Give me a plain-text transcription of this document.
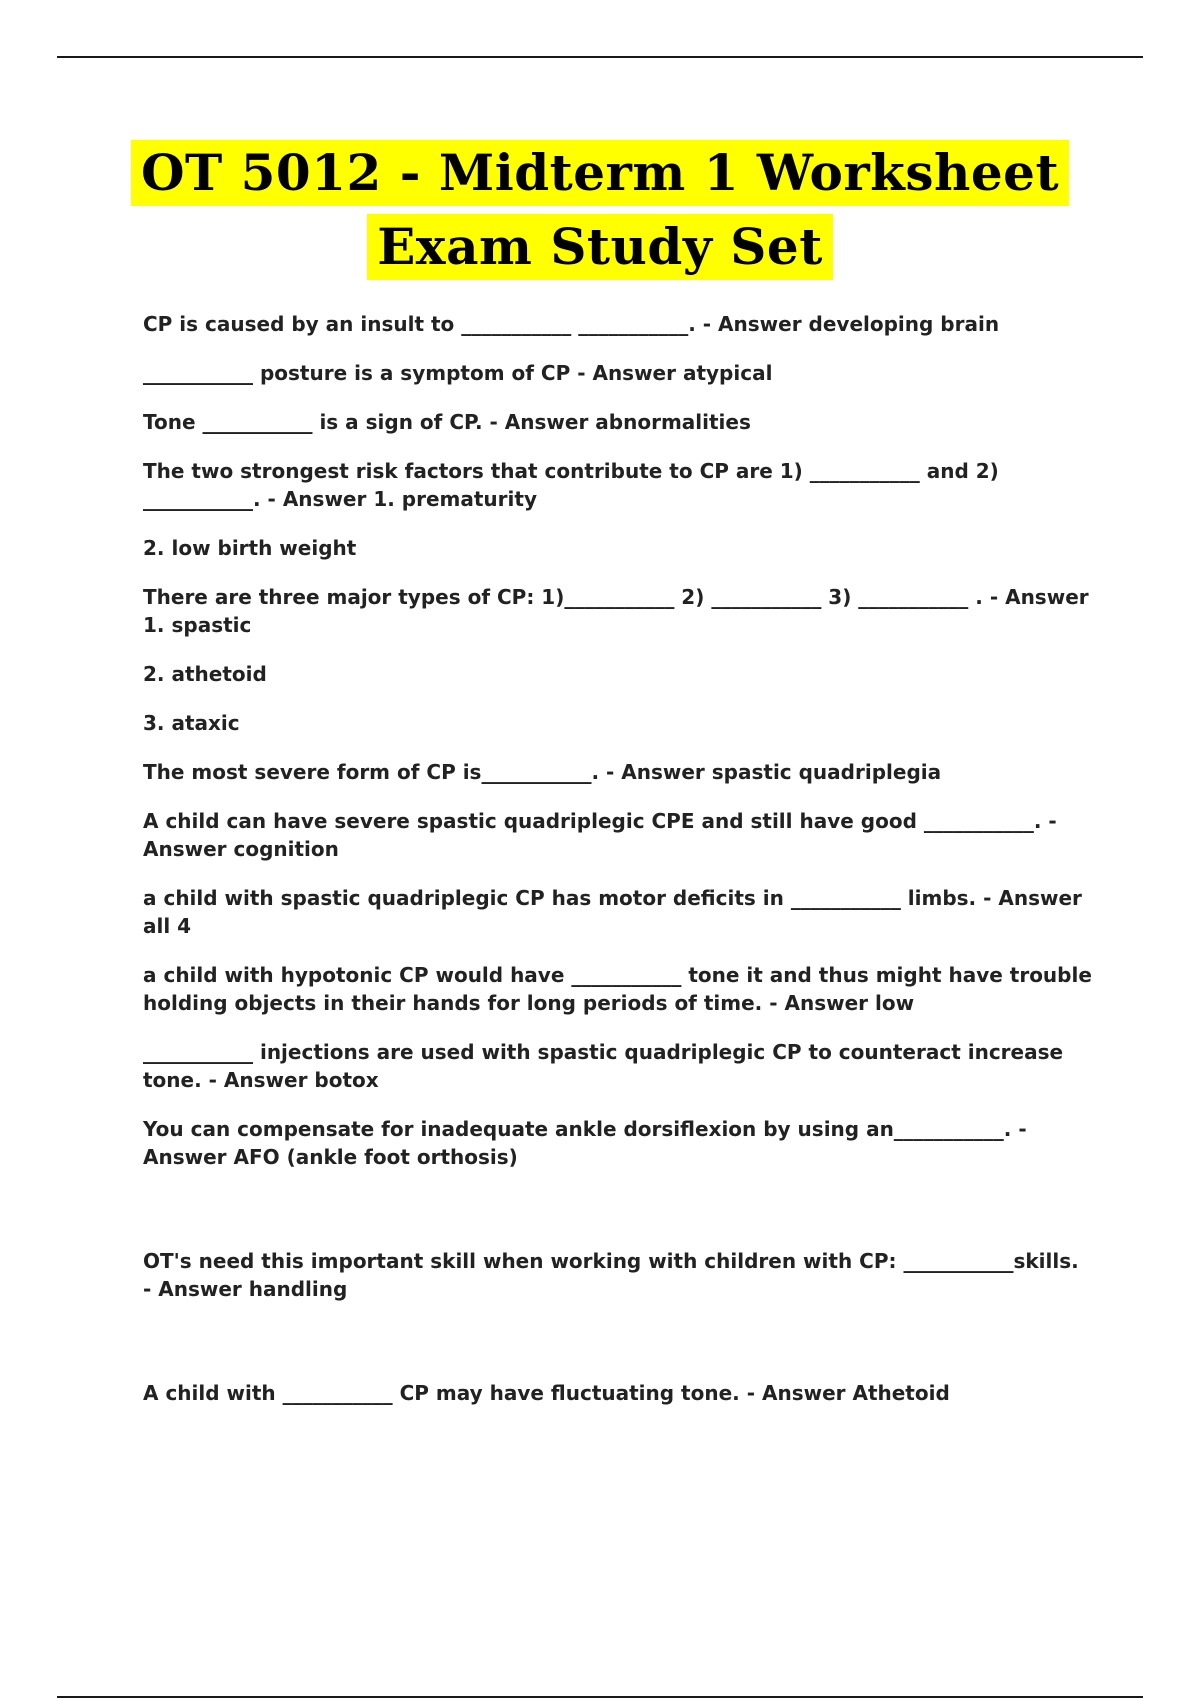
OT 5012 - Midterm 1 Worksheet
Exam Study Set

CP is caused by an insult to ___________ ___________. - Answer developing brain

___________ posture is a symptom of CP - Answer atypical

Tone ___________ is a sign of CP. - Answer abnormalities

The two strongest risk factors that contribute to CP are 1) ___________ and 2) ___________. - Answer 1. prematurity

2. low birth weight

There are three major types of CP: 1)___________ 2) ___________ 3) ___________ . - Answer 1. spastic

2. athetoid

3. ataxic

The most severe form of CP is___________. - Answer spastic quadriplegia

A child can have severe spastic quadriplegic CPE and still have good ___________. - Answer cognition

a child with spastic quadriplegic CP has motor deficits in ___________ limbs. - Answer all 4

a child with hypotonic CP would have ___________ tone it and thus might have trouble holding objects in their hands for long periods of time. - Answer low

___________ injections are used with spastic quadriplegic CP to counteract increase tone. - Answer botox

You can compensate for inadequate ankle dorsiflexion by using an___________. - Answer AFO (ankle foot orthosis)

OT's need this important skill when working with children with CP: ___________skills. - Answer handling

A child with ___________ CP may have fluctuating tone. - Answer Athetoid
